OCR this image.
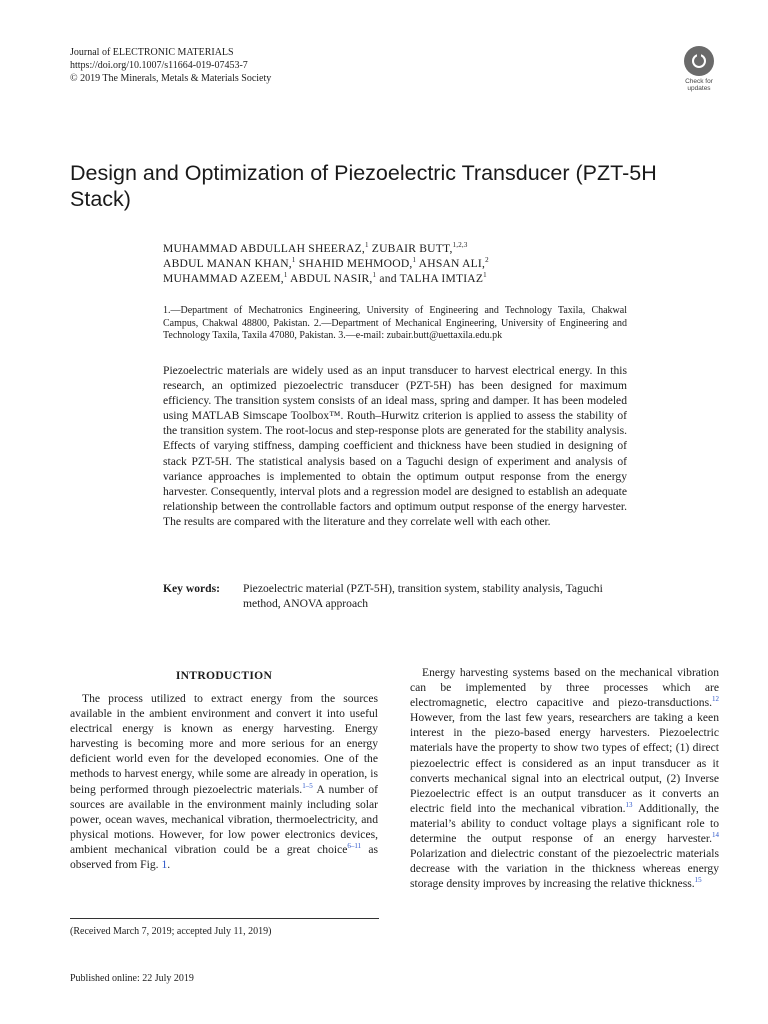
Journal of ELECTRONIC MATERIALS
https://doi.org/10.1007/s11664-019-07453-7
© 2019 The Minerals, Metals & Materials Society	Check for
updates
Design and Optimization of Piezoelectric Transducer (PZT-5H Stack)
MUHAMMAD ABDULLAH SHEERAZ,$^1$ ZUBAIR BUTT,$^{1,2,3}$
ABDUL MANAN KHAN,$^1$ SHAHID MEHMOOD,$^1$ AHSAN ALI,$^2$
MUHAMMAD AZEEM,$^1$ ABDUL NASIR,$^1$ and TALHA IMTIAZ$^1$
1.—Department of Mechatronics Engineering, University of Engineering and Technology Taxila, Chakwal Campus, Chakwal 48800, Pakistan. 2.—Department of Mechanical Engineering, University of Engineering and Technology Taxila, Taxila 47080, Pakistan. 3.—e-mail: zubair.butt@uettaxila.edu.pk
Piezoelectric materials are widely used as an input transducer to harvest electrical energy. In this research, an optimized piezoelectric transducer (PZT-5H) has been designed for maximum efficiency. The transition system consists of an ideal mass, spring and damper. It has been modeled using MATLAB Simscape Toolbox™. Routh–Hurwitz criterion is applied to assess the stability of the transition system. The root-locus and step-response plots are generated for the stability analysis. Effects of varying stiffness, damping coefficient and thickness have been studied in designing of stack PZT-5H. The statistical analysis based on a Taguchi design of experiment and analysis of variance approaches is implemented to obtain the optimum output response from the energy harvester. Consequently, interval plots and a regression model are designed to establish an adequate relationship between the controllable factors and optimum output response of the energy harvester. The results are compared with the literature and they correlate well with each other.
Key words: Piezoelectric material (PZT-5H), transition system, stability analysis, Taguchi method, ANOVA approach
INTRODUCTION

The process utilized to extract energy from the sources available in the ambient environment and convert it into useful electrical energy is known as energy harvesting. Energy harvesting is becoming more and more serious for an energy deficient world even for the developed economies. One of the methods to harvest energy, while some are already in operation, is being performed through piezoelectric materials.$^{1-5}$ A number of sources are available in the environment mainly including solar power, ocean waves, mechanical vibration, thermoelectricity, and physical motions. However, for low power electronics devices, ambient mechanical vibration could be a great choice$^{6-11}$ as observed from Fig. 1.

Energy harvesting systems based on the mechanical vibration can be implemented by three processes which are electromagnetic, electro capacitive and piezo-transductions.$^{12}$ However, from the last few years, researchers are taking a keen interest in the piezo-based energy harvesters. Piezoelectric materials have the property to show two types of effect; (1) direct piezoelectric effect is considered as an input transducer as it converts mechanical signal into an electrical output, (2) Inverse Piezoelectric effect is an output transducer as it converts an electric field into the mechanical vibration.$^{13}$ Additionally, the material’s ability to conduct voltage plays a significant role to determine the output response of an energy harvester.$^{14}$ Polarization and dielectric constant of the piezoelectric materials decrease with the variation in the thickness whereas energy storage density improves by increasing the relative thickness.$^{15}$

(Received March 7, 2019; accepted July 11, 2019)
Published online: 22 July 2019
